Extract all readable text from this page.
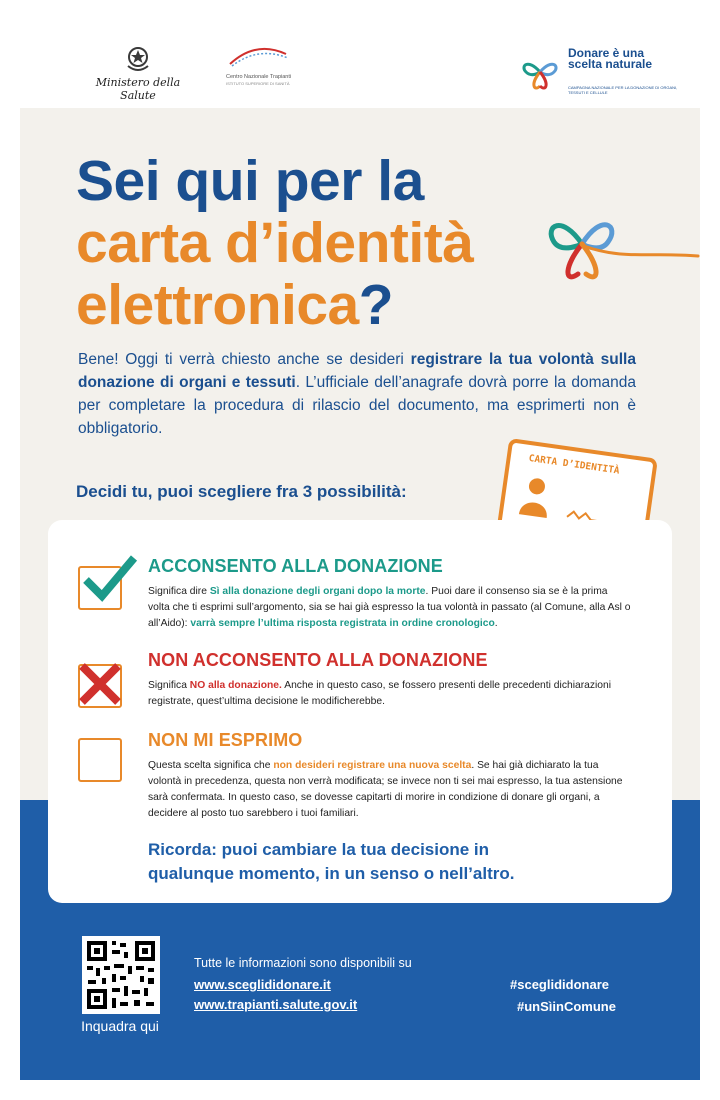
Ministero della Salute
Centro Nazionale Trapianti
ISTITUTO SUPERIORE DI SANITÀ
Donare è una scelta naturale
CAMPAGNA NAZIONALE PER LA DONAZIONE DI ORGANI, TESSUTI E CELLULE
Sei qui per la
carta d’identità
elettronica?
Bene! Oggi ti verrà chiesto anche se desideri registrare la tua volontà sulla donazione di organi e tessuti. L’ufficiale dell’anagrafe dovrà porre la domanda per completare la procedura di rilascio del documento, ma esprimerti non è obbligatorio.
CARTA D’IDENTITÀ
Decidi tu, puoi scegliere fra 3 possibilità:
ACCONSENTO ALLA DONAZIONE
Significa dire Sì alla donazione degli organi dopo la morte. Puoi dare il consenso sia se è la prima volta che ti esprimi sull’argomento, sia se hai già espresso la tua volontà in passato (al Comune, alla Asl o all’Aido): varrà sempre l’ultima risposta registrata in ordine cronologico.
NON ACCONSENTO ALLA DONAZIONE
Significa NO alla donazione. Anche in questo caso, se fossero presenti delle precedenti dichiarazioni registrate, quest’ultima decisione le modificherebbe.
NON MI ESPRIMO
Questa scelta significa che non desideri registrare una nuova scelta. Se hai già dichiarato la tua volontà in precedenza, questa non verrà modificata; se invece non ti sei mai espresso, la tua astensione sarà confermata. In questo caso, se dovesse capitarti di morire in condizione di donare gli organi, a decidere al posto tuo sarebbero i tuoi familiari.
Ricorda: puoi cambiare la tua decisione in qualunque momento, in un senso o nell’altro.
Inquadra qui
Tutte le informazioni sono disponibili su
www.sceglididonare.it
www.trapianti.salute.gov.it
#sceglididonare
#unSìinComune
